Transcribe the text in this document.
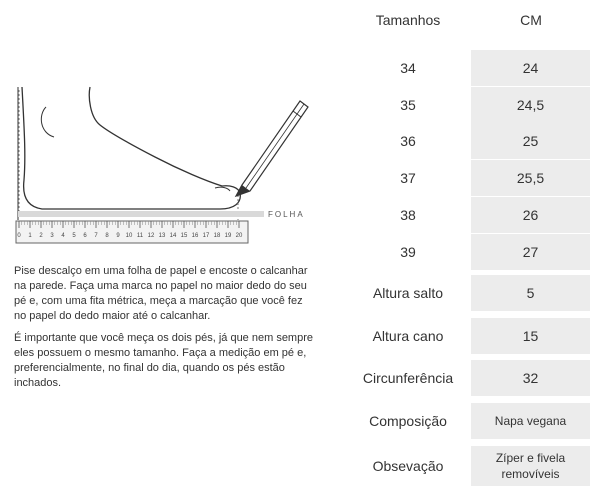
FOLHA
0 1 2 3 4 5 6 7 8 9 10 11 12 13 14 15 16 17 18 19 20

Pise descalço em uma folha de papel e encoste o calcanhar na parede. Faça uma marca no papel no maior dedo do seu pé e, com uma fita métrica, meça a marcação que você fez no papel do dedo maior até o calcanhar.

É importante que você meça os dois pés, já que nem sempre eles possuem o mesmo tamanho. Faça a medição em pé e, preferencialmente, no final do dia, quando os pés estão inchados.

Tamanhos	CM
34	24
35	24,5
36	25
37	25,5
38	26
39	27
Altura salto	5
Altura cano	15
Circunferência	32
Composição	Napa vegana
Obsevação	Zíper e fivela removíveis
